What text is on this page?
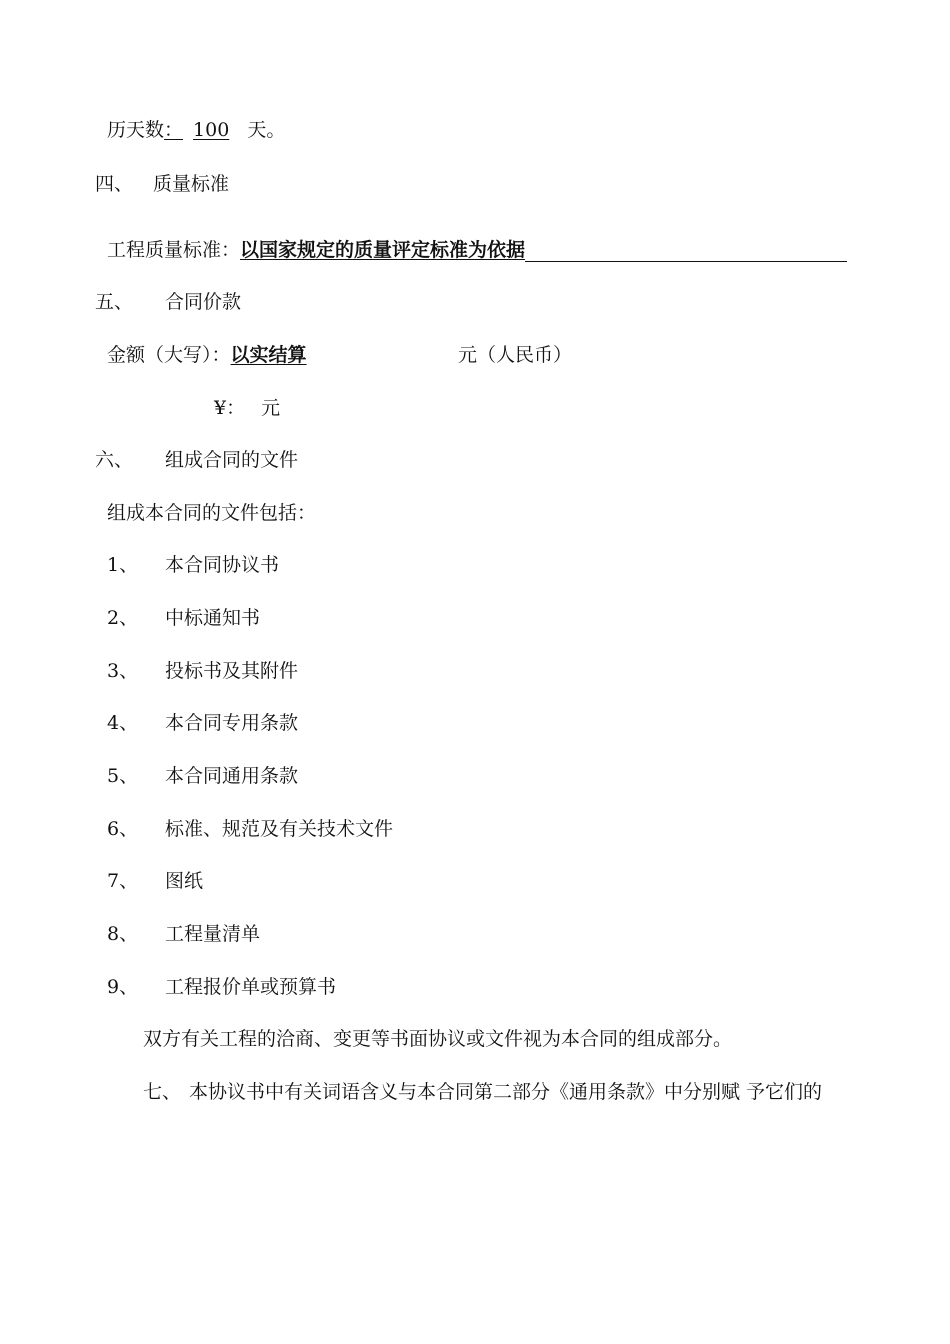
历天数： 100 天。
四、 质量标准
工程质量标准：以国家规定的质量评定标准为依据
五、 合同价款
金额（大写）：以实结算	元（人民币）
¥： 元
六、 组成合同的文件
组成本合同的文件包括：
1、 本合同协议书
2、 中标通知书
3、 投标书及其附件
4、 本合同专用条款
5、 本合同通用条款
6、 标准、规范及有关技术文件
7、 图纸
8、 工程量清单
9、 工程报价单或预算书
双方有关工程的洽商、变更等书面协议或文件视为本合同的组成部分。
七、 本协议书中有关词语含义与本合同第二部分《通用条款》中分别赋 予它们的
